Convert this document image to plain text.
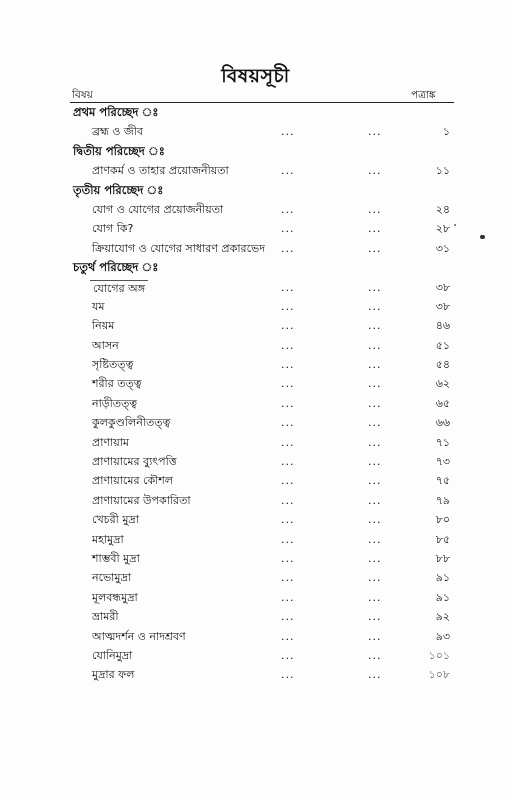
বিষয়সূচী
বিষয়	পত্রাঙ্ক
প্রথম পরিচ্ছেদ ঃ
ব্রহ্ম ও জীব	...	...	১
দ্বিতীয় পরিচ্ছেদ ঃ
প্রাণকর্ম ও তাহার প্রয়োজনীয়তা	...	...	১১
তৃতীয় পরিচ্ছেদ ঃ
যোগ ও যোগের প্রয়োজনীয়তা	...	...	২৪
যোগ কি?	...	...	২৮
ক্রিয়াযোগ ও যোগের সাধারণ প্রকারভেদ ...	...	৩১
চতুর্থ পরিচ্ছেদ ঃ
যোগের অঙ্গ	...	...	৩৮
যম	...	...	৩৮
নিয়ম	...	...	৪৬
আসন	...	...	৫১
সৃষ্টিতত্ত্ব	...	...	৫৪
শরীর তত্ত্ব	...	...	৬২
নাড়ীতত্ত্ব	...	...	৬৫
কুলকুণ্ডলিনীতত্ত্ব	...	...	৬৬
প্রাণায়াম	...	...	৭১
প্রাণায়ামের ব্যুৎপত্তি	...	...	৭৩
প্রাণায়ামের কৌশল	...	...	৭৫
প্রাণায়ামের উপকারিতা	...	...	৭৯
খেচরী মুদ্রা	...	...	৮০
মহামুদ্রা	...	...	৮৫
শাম্ভবী মুদ্রা	...	...	৮৮
নভোমুদ্রা	...	...	৯১
মূলবন্ধমুদ্রা	...	...	৯১
ভ্রামরী	...	...	৯২
আত্মদর্শন ও নাদশ্রবণ	...	...	৯৩
যোনিমুদ্রা	...	...	১০১
মুদ্রার ফল	...	...	১০৮
